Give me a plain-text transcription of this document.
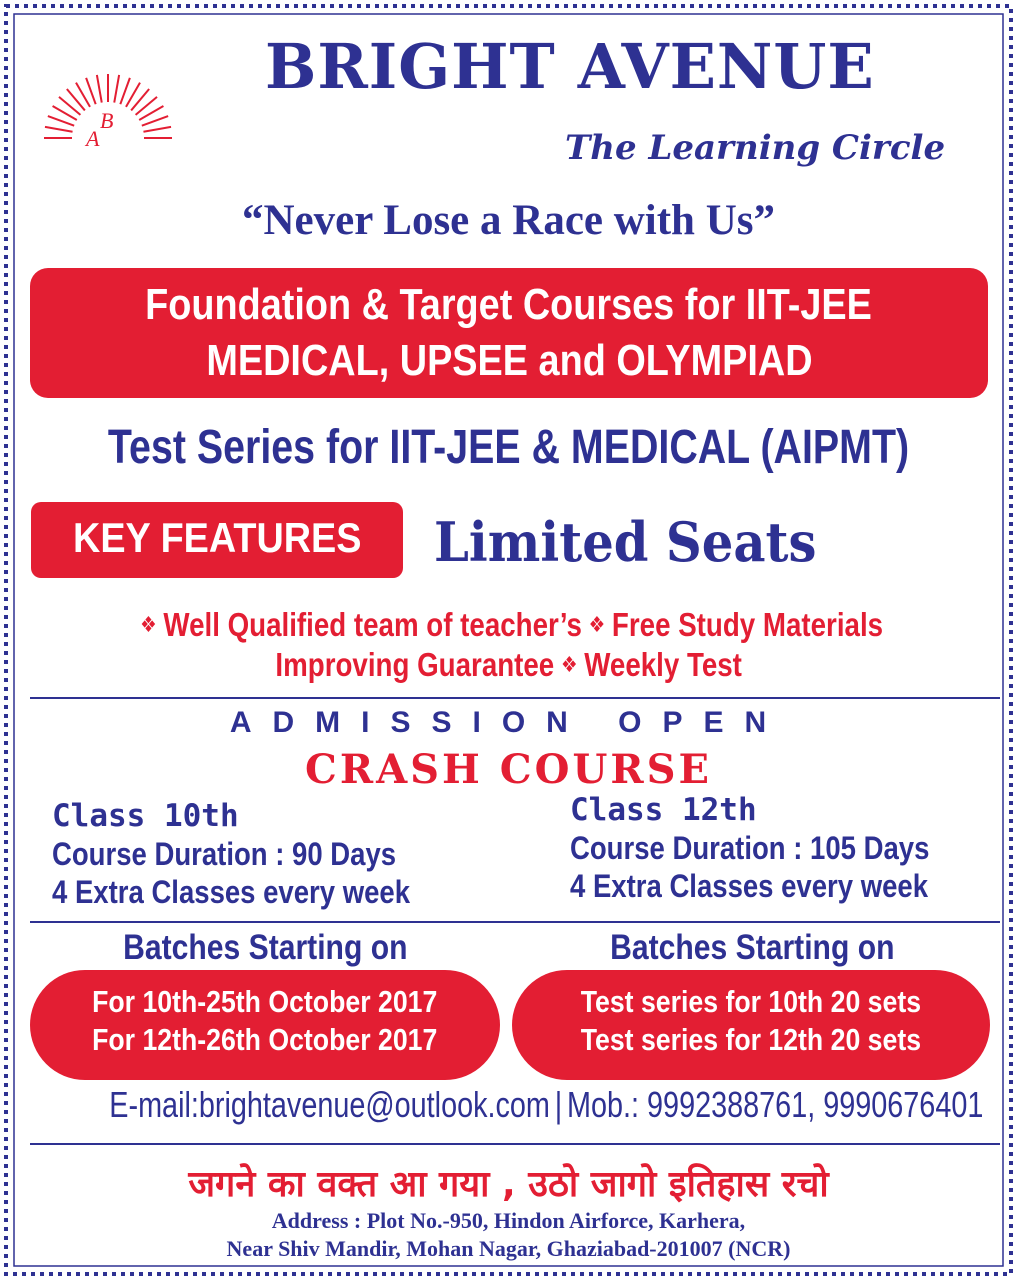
B
A
BRIGHT AVENUE
The Learning Circle
“Never Lose a Race with Us”
Foundation & Target Courses for IIT-JEE
MEDICAL, UPSEE and OLYMPIAD
Test Series for IIT-JEE & MEDICAL (AIPMT)
KEY FEATURES	Limited Seats
❖ Well Qualified team of teacher’s ❖ Free Study Materials
Improving Guarantee ❖ Weekly Test
ADMISSION OPEN
CRASH COURSE
Class 10th
Course Duration : 90 Days
4 Extra Classes every week
Class 12th
Course Duration : 105 Days
4 Extra Classes every week
Batches Starting on	Batches Starting on
For 10th-25th October 2017
For 12th-26th October 2017
Test series for 10th 20 sets
Test series for 12th 20 sets
E-mail:brightavenue@outlook.com | Mob.: 9992388761, 9990676401
जगने का वक्त आ गया , उठो जागो इतिहास रचो
Address : Plot No.-950, Hindon Airforce, Karhera,
Near Shiv Mandir, Mohan Nagar, Ghaziabad-201007 (NCR)
